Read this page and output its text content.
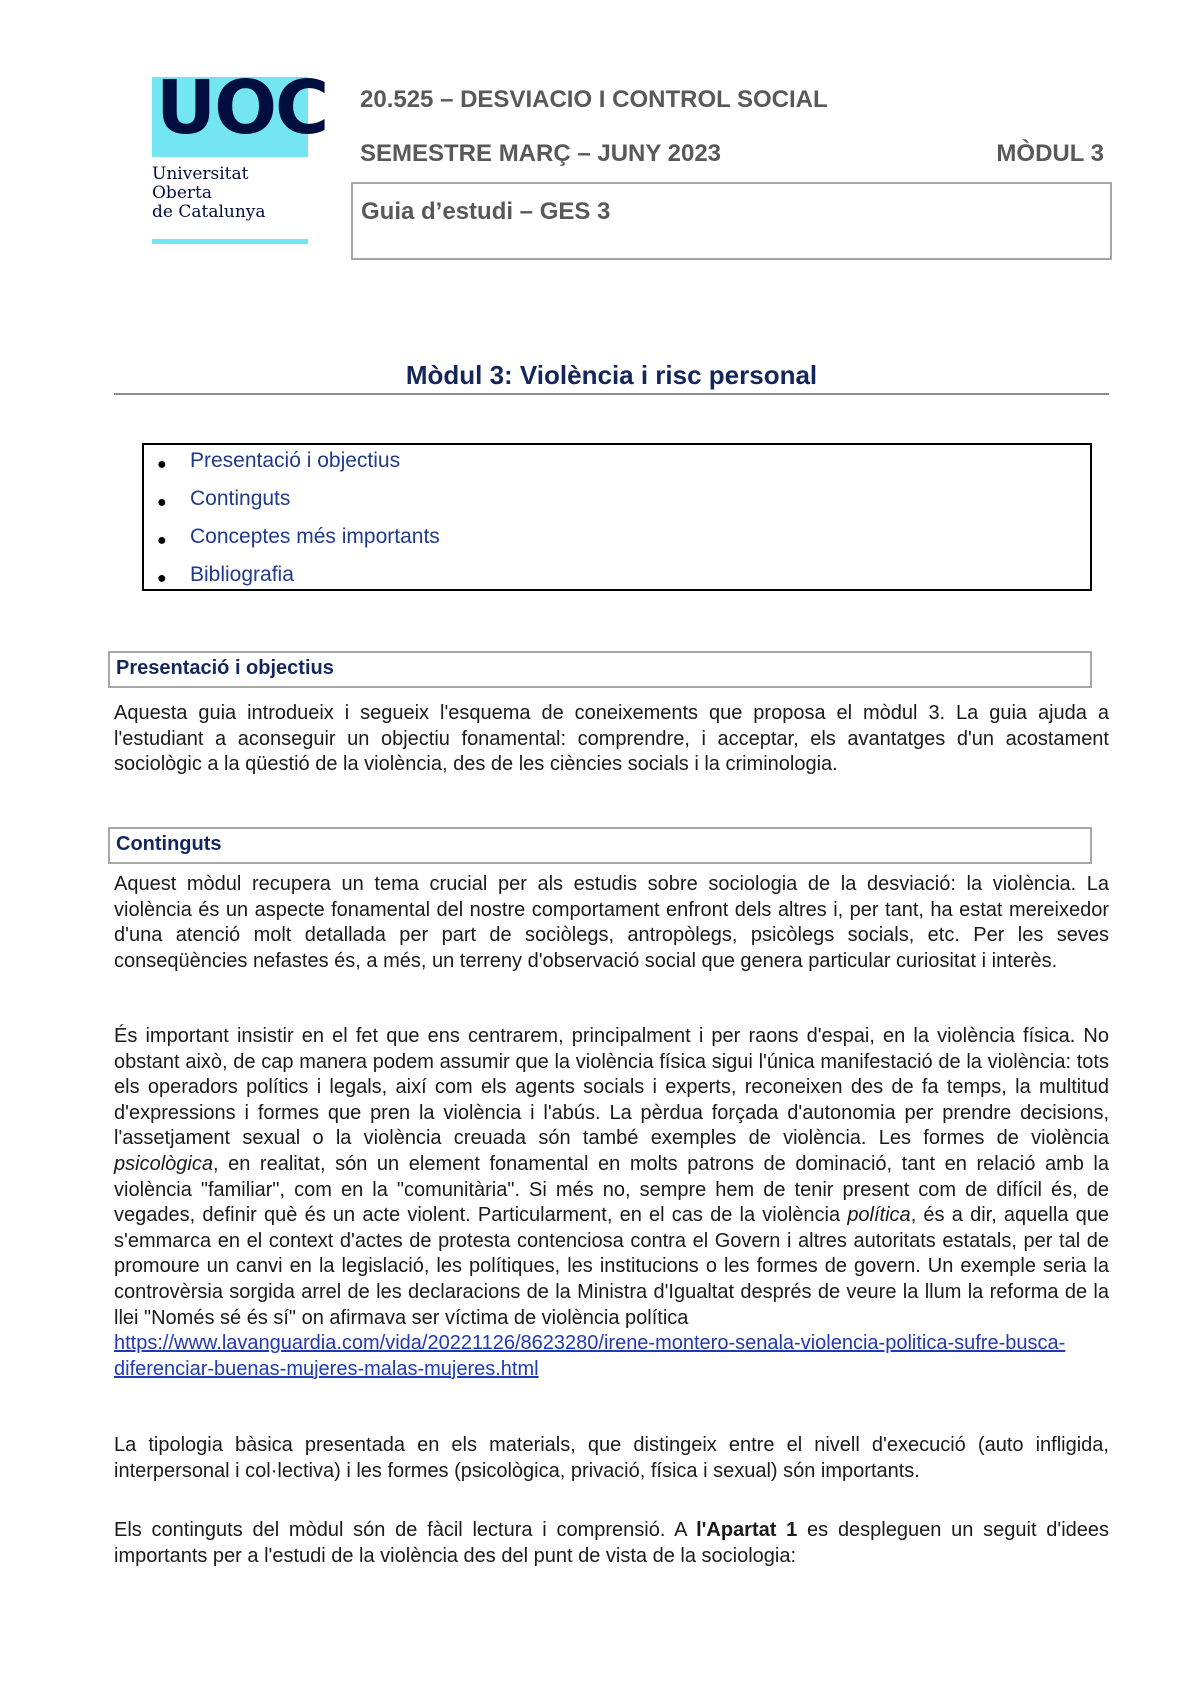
UOC
Universitat
Oberta
de Catalunya
20.525 – DESVIACIO I CONTROL SOCIAL
SEMESTRE MARÇ – JUNY 2023	MÒDUL 3
Guia d’estudi – GES 3
Mòdul 3: Violència i risc personal
● Presentació i objectius
● Continguts
● Conceptes més importants
● Bibliografia
Presentació i objectius

Aquesta guia introdueix i segueix l'esquema de coneixements que proposa el mòdul 3. La guia ajuda a l'estudiant a aconseguir un objectiu fonamental: comprendre, i acceptar, els avantatges d'un acostament sociològic a la qüestió de la violència, des de les ciències socials i la criminologia.

Continguts

Aquest mòdul recupera un tema crucial per als estudis sobre sociologia de la desviació: la violència. La violència és un aspecte fonamental del nostre comportament enfront dels altres i, per tant, ha estat mereixedor d'una atenció molt detallada per part de sociòlegs, antropòlegs, psicòlegs socials, etc. Per les seves conseqüències nefastes és, a més, un terreny d'observació social que genera particular curiositat i interès.

És important insistir en el fet que ens centrarem, principalment i per raons d'espai, en la violència física. No obstant això, de cap manera podem assumir que la violència física sigui l'única manifestació de la violència: tots els operadors polítics i legals, així com els agents socials i experts, reconeixen des de fa temps, la multitud d'expressions i formes que pren la violència i l'abús. La pèrdua forçada d'autonomia per prendre decisions, l'assetjament sexual o la violència creuada són també exemples de violència. Les formes de violència psicològica, en realitat, són un element fonamental en molts patrons de dominació, tant en relació amb la violència "familiar", com en la "comunitària". Si més no, sempre hem de tenir present com de difícil és, de vegades, definir què és un acte violent. Particularment, en el cas de la violència política, és a dir, aquella que s'emmarca en el context d'actes de protesta contenciosa contra el Govern i altres autoritats estatals, per tal de promoure un canvi en la legislació, les polítiques, les institucions o les formes de govern. Un exemple seria la controvèrsia sorgida arrel de les declaracions de la Ministra d'Igualtat després de veure la llum la reforma de la llei "Només sé és sí" on afirmava ser víctima de violència política
https://www.lavanguardia.com/vida/20221126/8623280/irene-montero-senala-violencia-politica-sufre-busca-diferenciar-buenas-mujeres-malas-mujeres.html

La tipologia bàsica presentada en els materials, que distingeix entre el nivell d'execució (auto infligida, interpersonal i col·lectiva) i les formes (psicològica, privació, física i sexual) són importants.

Els continguts del mòdul són de fàcil lectura i comprensió. A l'Apartat 1 es despleguen un seguit d'idees importants per a l'estudi de la violència des del punt de vista de la sociologia:
